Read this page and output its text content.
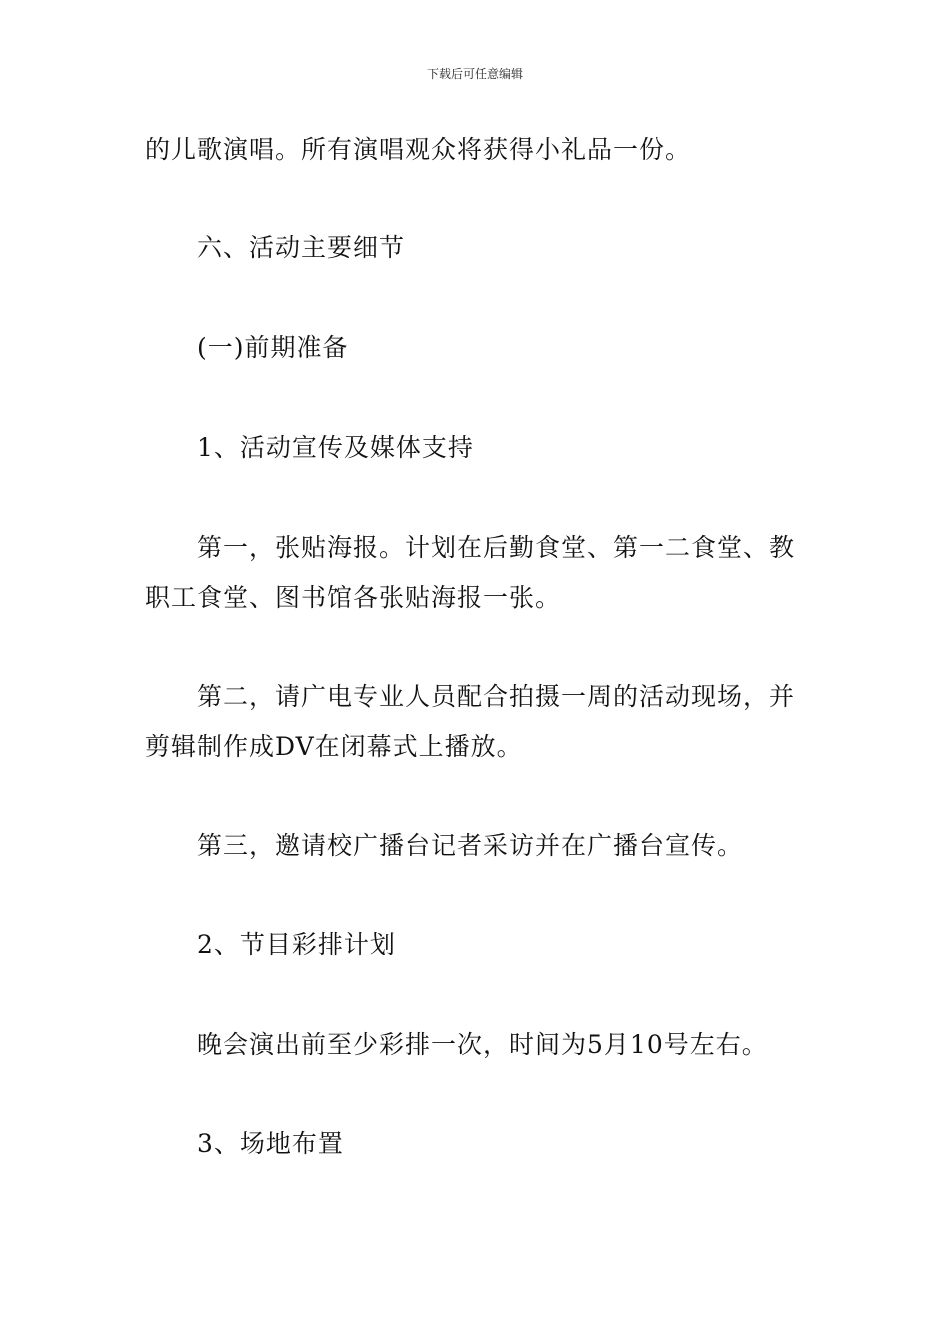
下载后可任意编辑
的儿歌演唱。所有演唱观众将获得小礼品一份。
六、活动主要细节
(一)前期准备
1、活动宣传及媒体支持
第一，张贴海报。计划在后勤食堂、第一二食堂、教
职工食堂、图书馆各张贴海报一张。
第二，请广电专业人员配合拍摄一周的活动现场，并
剪辑制作成DV在闭幕式上播放。
第三，邀请校广播台记者采访并在广播台宣传。
2、节目彩排计划
晚会演出前至少彩排一次，时间为5月10号左右。
3、场地布置
